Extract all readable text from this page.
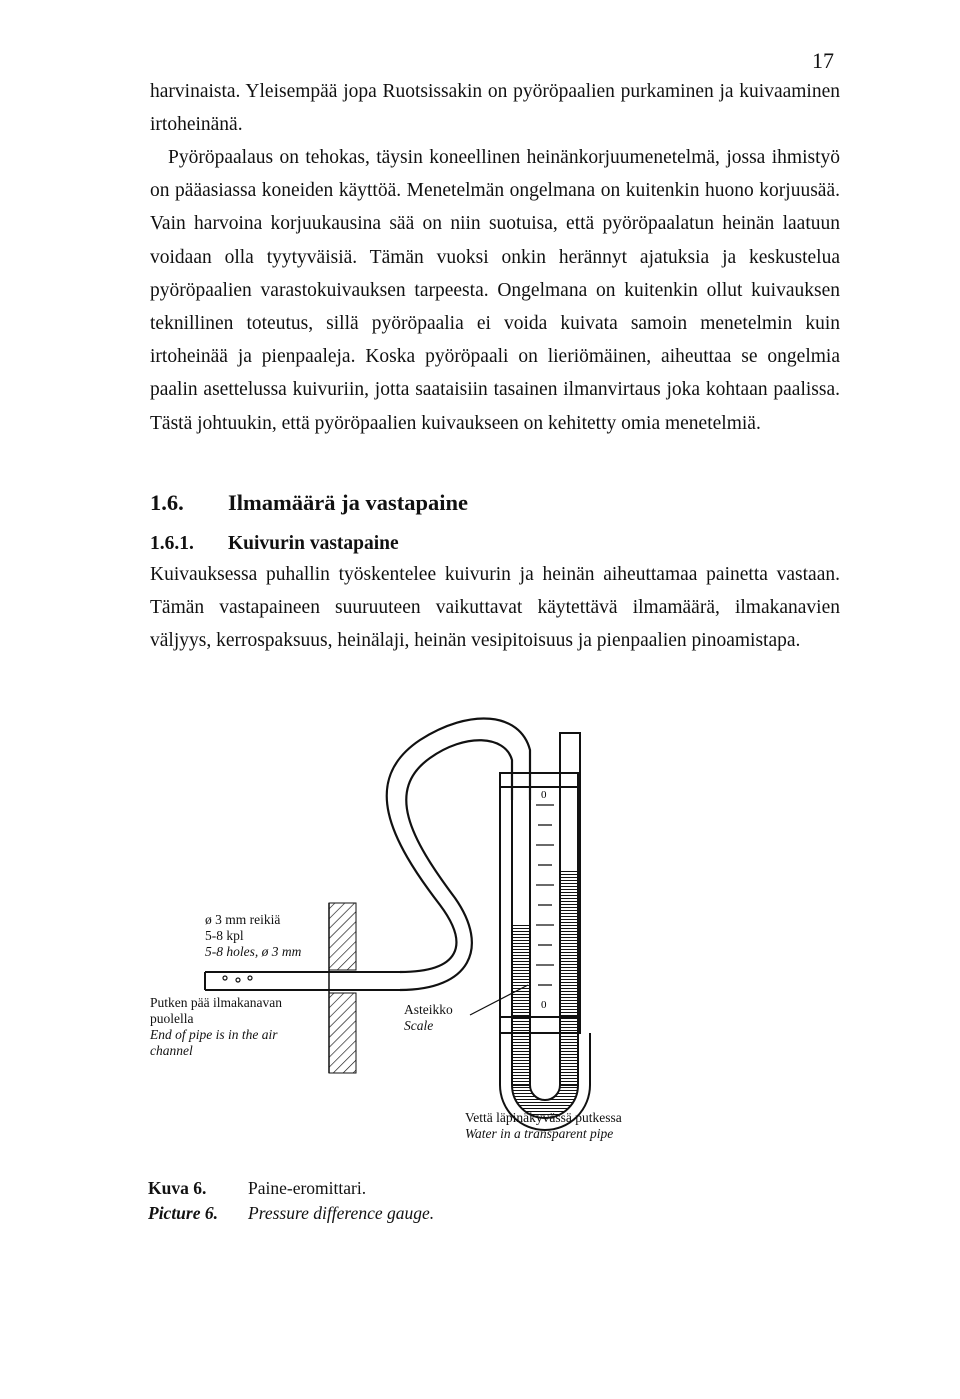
17

harvinaista. Yleisempää jopa Ruotsissakin on pyöröpaalien purkaminen ja kuivaaminen irtoheinänä.

Pyöröpaalaus on tehokas, täysin koneellinen heinänkorjuumenetelmä, jossa ihmistyö on pääasiassa koneiden käyttöä. Menetelmän ongelmana on kuitenkin huono korjuusää. Vain harvoina korjuukausina sää on niin suotuisa, että pyöröpaalatun heinän laatuun voidaan olla tyytyväisiä. Tämän vuoksi onkin herännyt ajatuksia ja keskustelua pyöröpaalien varastokuivauksen tarpeesta. Ongelmana on kuitenkin ollut kuivauksen teknillinen toteutus, sillä pyöröpaalia ei voida kuivata samoin menetelmin kuin irtoheinää ja pienpaaleja. Koska pyöröpaali on lieriömäinen, aiheuttaa se ongelmia paalin asettelussa kuivuriin, jotta saataisiin tasainen ilmanvirtaus joka kohtaan paalissa. Tästä johtuukin, että pyöröpaalien kuivaukseen on kehitetty omia menetelmiä.

1.6. Ilmamäärä ja vastapaine
1.6.1. Kuivurin vastapaine

Kuivauksessa puhallin työskentelee kuivurin ja heinän aiheuttamaa painetta vastaan. Tämän vastapaineen suuruuteen vaikuttavat käytettävä ilmamäärä, ilmakanavien väljyys, kerrospaksuus, heinälaji, heinän vesipitoisuus ja pienpaalien pinoamistapa.

0
0
ø 3 mm reikiä
5-8 kpl
5-8 holes, ø 3 mm
Putken pää ilmakanavan
puolella
End of pipe is in the air
channel
Asteikko
Scale
Vettä läpinäkyvässä putkessa
Water in a transparent pipe
Kuva 6. Paine-eromittari.
Picture 6. Pressure difference gauge.
